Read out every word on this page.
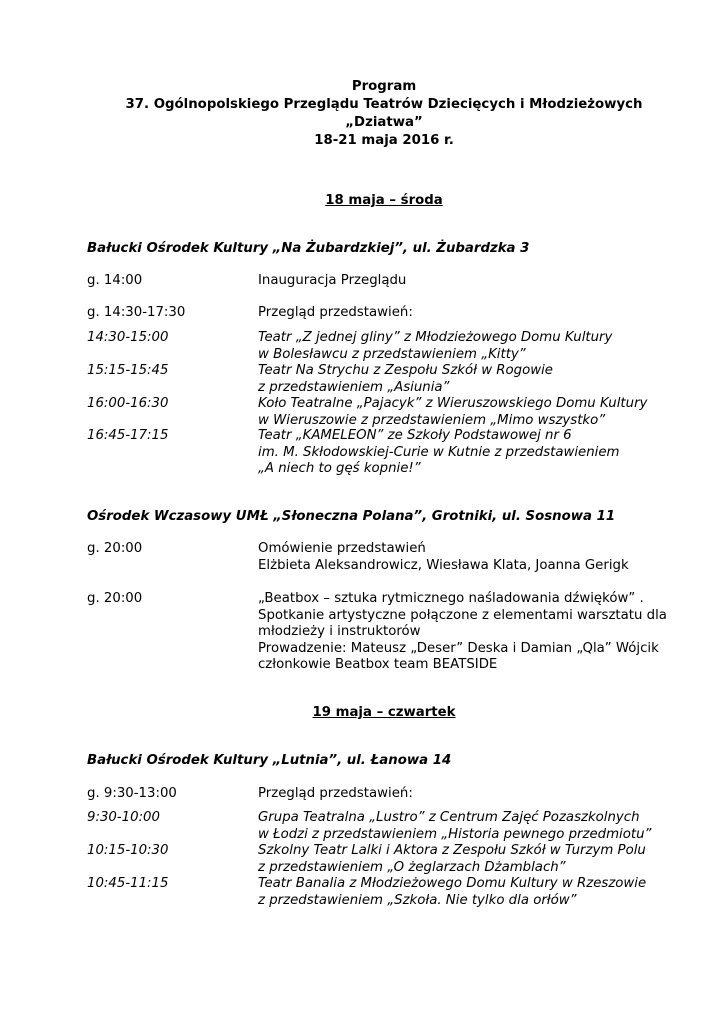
Program
37. Ogólnopolskiego Przeglądu Teatrów Dziecięcych i Młodzieżowych
„Dziatwa”
18-21 maja 2016 r.
18 maja – środa
Bałucki Ośrodek Kultury „Na Żubardzkiej”, ul. Żubardzka 3
g. 14:00	Inauguracja Przeglądu
g. 14:30-17:30	Przegląd przedstawień:
14:30-15:00	Teatr „Z jednej gliny” z Młodzieżowego Domu Kultury
w Bolesławcu z przedstawieniem „Kitty”
15:15-15:45	Teatr Na Strychu z Zespołu Szkół w Rogowie
z przedstawieniem „Asiunia”
16:00-16:30	Koło Teatralne „Pajacyk” z Wieruszowskiego Domu Kultury
w Wieruszowie z przedstawieniem „Mimo wszystko”
16:45-17:15	Teatr „KAMELEON” ze Szkoły Podstawowej nr 6
im. M. Skłodowskiej-Curie w Kutnie z przedstawieniem
„A niech to gęś kopnie!”
Ośrodek Wczasowy UMŁ „Słoneczna Polana”, Grotniki, ul. Sosnowa 11
g. 20:00	Omówienie przedstawień
Elżbieta Aleksandrowicz, Wiesława Klata, Joanna Gerigk
g. 20:00	„Beatbox – sztuka rytmicznego naśladowania dźwięków” .
Spotkanie artystyczne połączone z elementami warsztatu dla
młodzieży i instruktorów
Prowadzenie: Mateusz „Deser” Deska i Damian „Qla” Wójcik
członkowie Beatbox team BEATSIDE
19 maja – czwartek
Bałucki Ośrodek Kultury „Lutnia”, ul. Łanowa 14
g. 9:30-13:00	Przegląd przedstawień:
9:30-10:00	Grupa Teatralna „Lustro” z Centrum Zajęć Pozaszkolnych
w Łodzi z przedstawieniem „Historia pewnego przedmiotu”
10:15-10:30	Szkolny Teatr Lalki i Aktora z Zespołu Szkół w Turzym Polu
z przedstawieniem „O żeglarzach Dżamblach”
10:45-11:15	Teatr Banalia z Młodzieżowego Domu Kultury w Rzeszowie
z przedstawieniem „Szkoła. Nie tylko dla orłów”
